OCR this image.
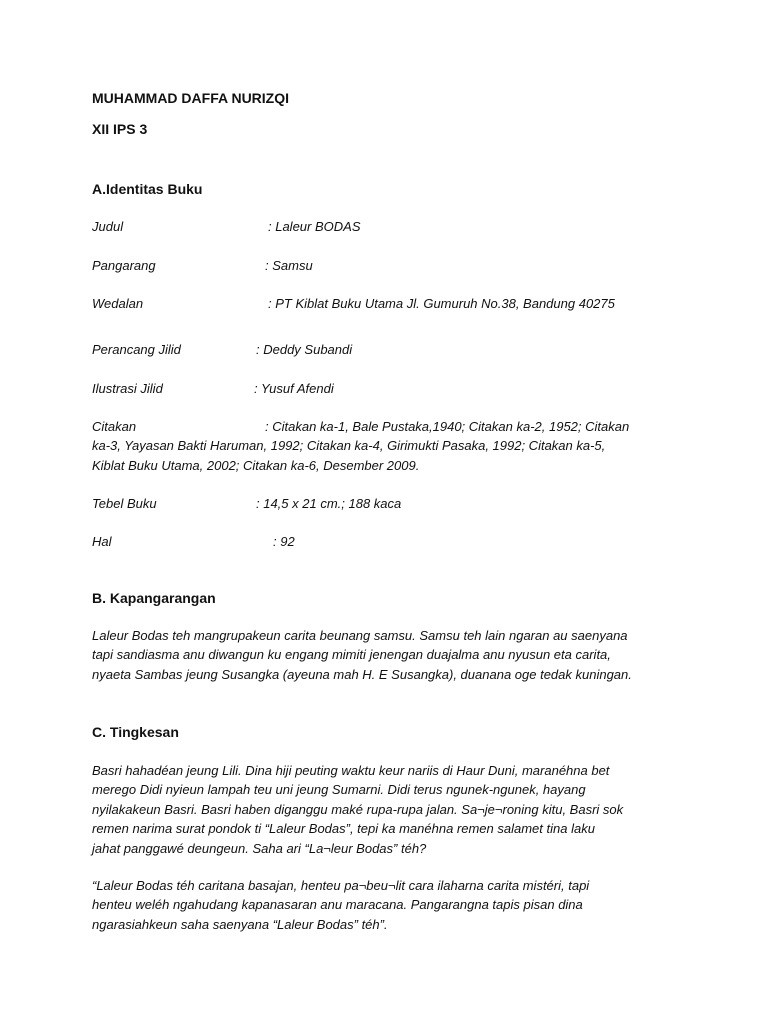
MUHAMMAD DAFFA NURIZQI
XII IPS 3
A.Identitas Buku
Judul	: Laleur BODAS
Pangarang	: Samsu
Wedalan	: PT Kiblat Buku Utama Jl. Gumuruh No.38, Bandung 40275
Perancang Jilid	: Deddy Subandi
Ilustrasi Jilid	: Yusuf Afendi
Citakan	: Citakan ka-1, Bale Pustaka,1940; Citakan ka-2, 1952; Citakan
ka-3, Yayasan Bakti Haruman, 1992; Citakan ka-4, Girimukti Pasaka, 1992; Citakan ka-5,
Kiblat Buku Utama, 2002; Citakan ka-6, Desember 2009.
Tebel Buku	: 14,5 x 21 cm.; 188 kaca
Hal	: 92
B. Kapangarangan
Laleur Bodas teh mangrupakeun carita beunang samsu. Samsu teh lain ngaran au saenyana
tapi sandiasma anu diwangun ku engang mimiti jenengan duajalma anu nyusun eta carita,
nyaeta Sambas jeung Susangka (ayeuna mah H. E Susangka), duanana oge tedak kuningan.
C. Tingkesan
Basri hahadéan jeung Lili. Dina hiji peuting waktu keur nariis di Haur Duni, maranéhna bet
merego Didi nyieun lampah teu uni jeung Sumarni. Didi terus ngunek-ngunek, hayang
nyilakakeun Basri. Basri haben diganggu maké rupa-rupa jalan. Sa¬je¬roning kitu, Basri sok
remen narima surat pondok ti “Laleur Bodas”, tepi ka manéhna remen salamet tina laku
jahat panggawé deungeun. Saha ari “La¬leur Bodas” téh?
“Laleur Bodas téh caritana basajan, henteu pa¬beu¬lit cara ilaharna carita mistéri, tapi
henteu weléh ngahudang kapanasaran anu maracana. Pangarangna tapis pisan dina
ngarasiahkeun saha saenyana “Laleur Bodas” téh”.
